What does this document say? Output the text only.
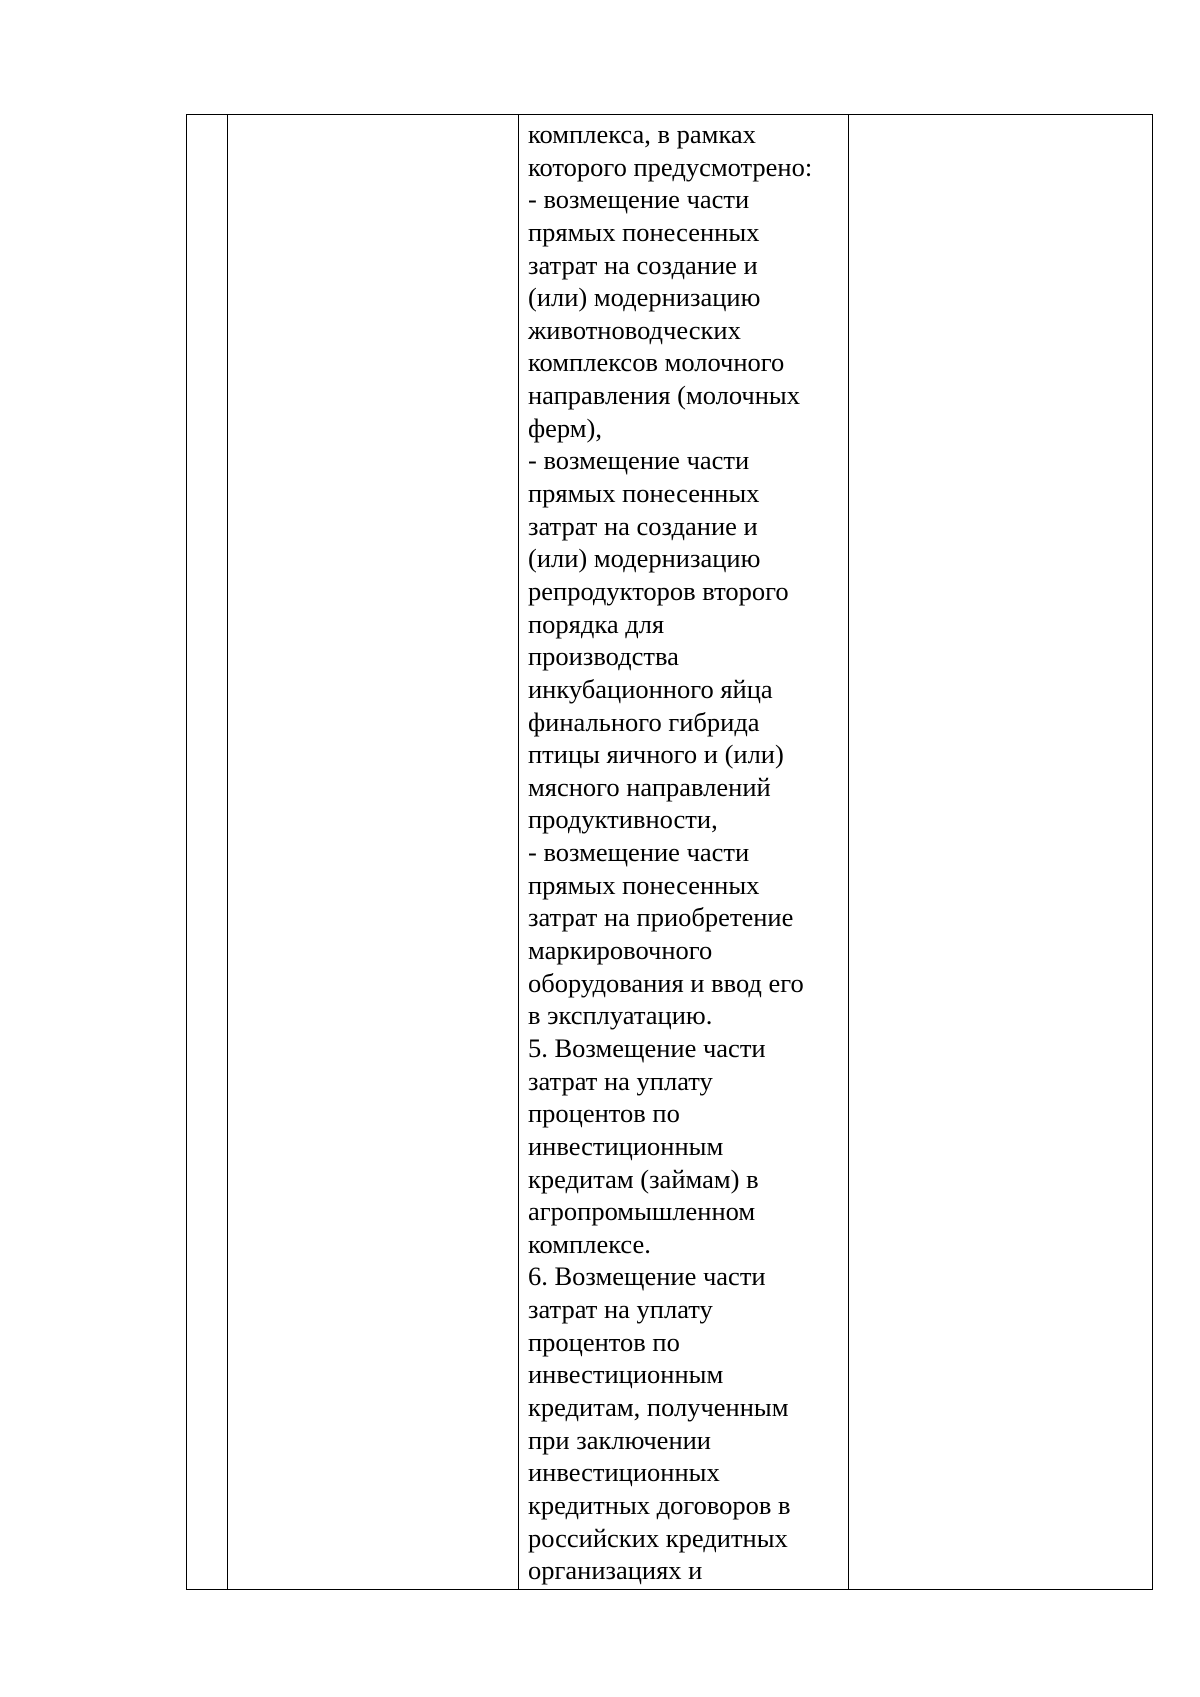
комплекса, в рамках
которого предусмотрено:
- возмещение части
прямых понесенных
затрат на создание и
(или) модернизацию
животноводческих
комплексов молочного
направления (молочных
ферм),
- возмещение части
прямых понесенных
затрат на создание и
(или) модернизацию
репродукторов второго
порядка для
производства
инкубационного яйца
финального гибрида
птицы яичного и (или)
мясного направлений
продуктивности,
- возмещение части
прямых понесенных
затрат на приобретение
маркировочного
оборудования и ввод его
в эксплуатацию.
5. Возмещение части
затрат на уплату
процентов по
инвестиционным
кредитам (займам) в
агропромышленном
комплексе.
6. Возмещение части
затрат на уплату
процентов по
инвестиционным
кредитам, полученным
при заключении
инвестиционных
кредитных договоров в
российских кредитных
организациях и
